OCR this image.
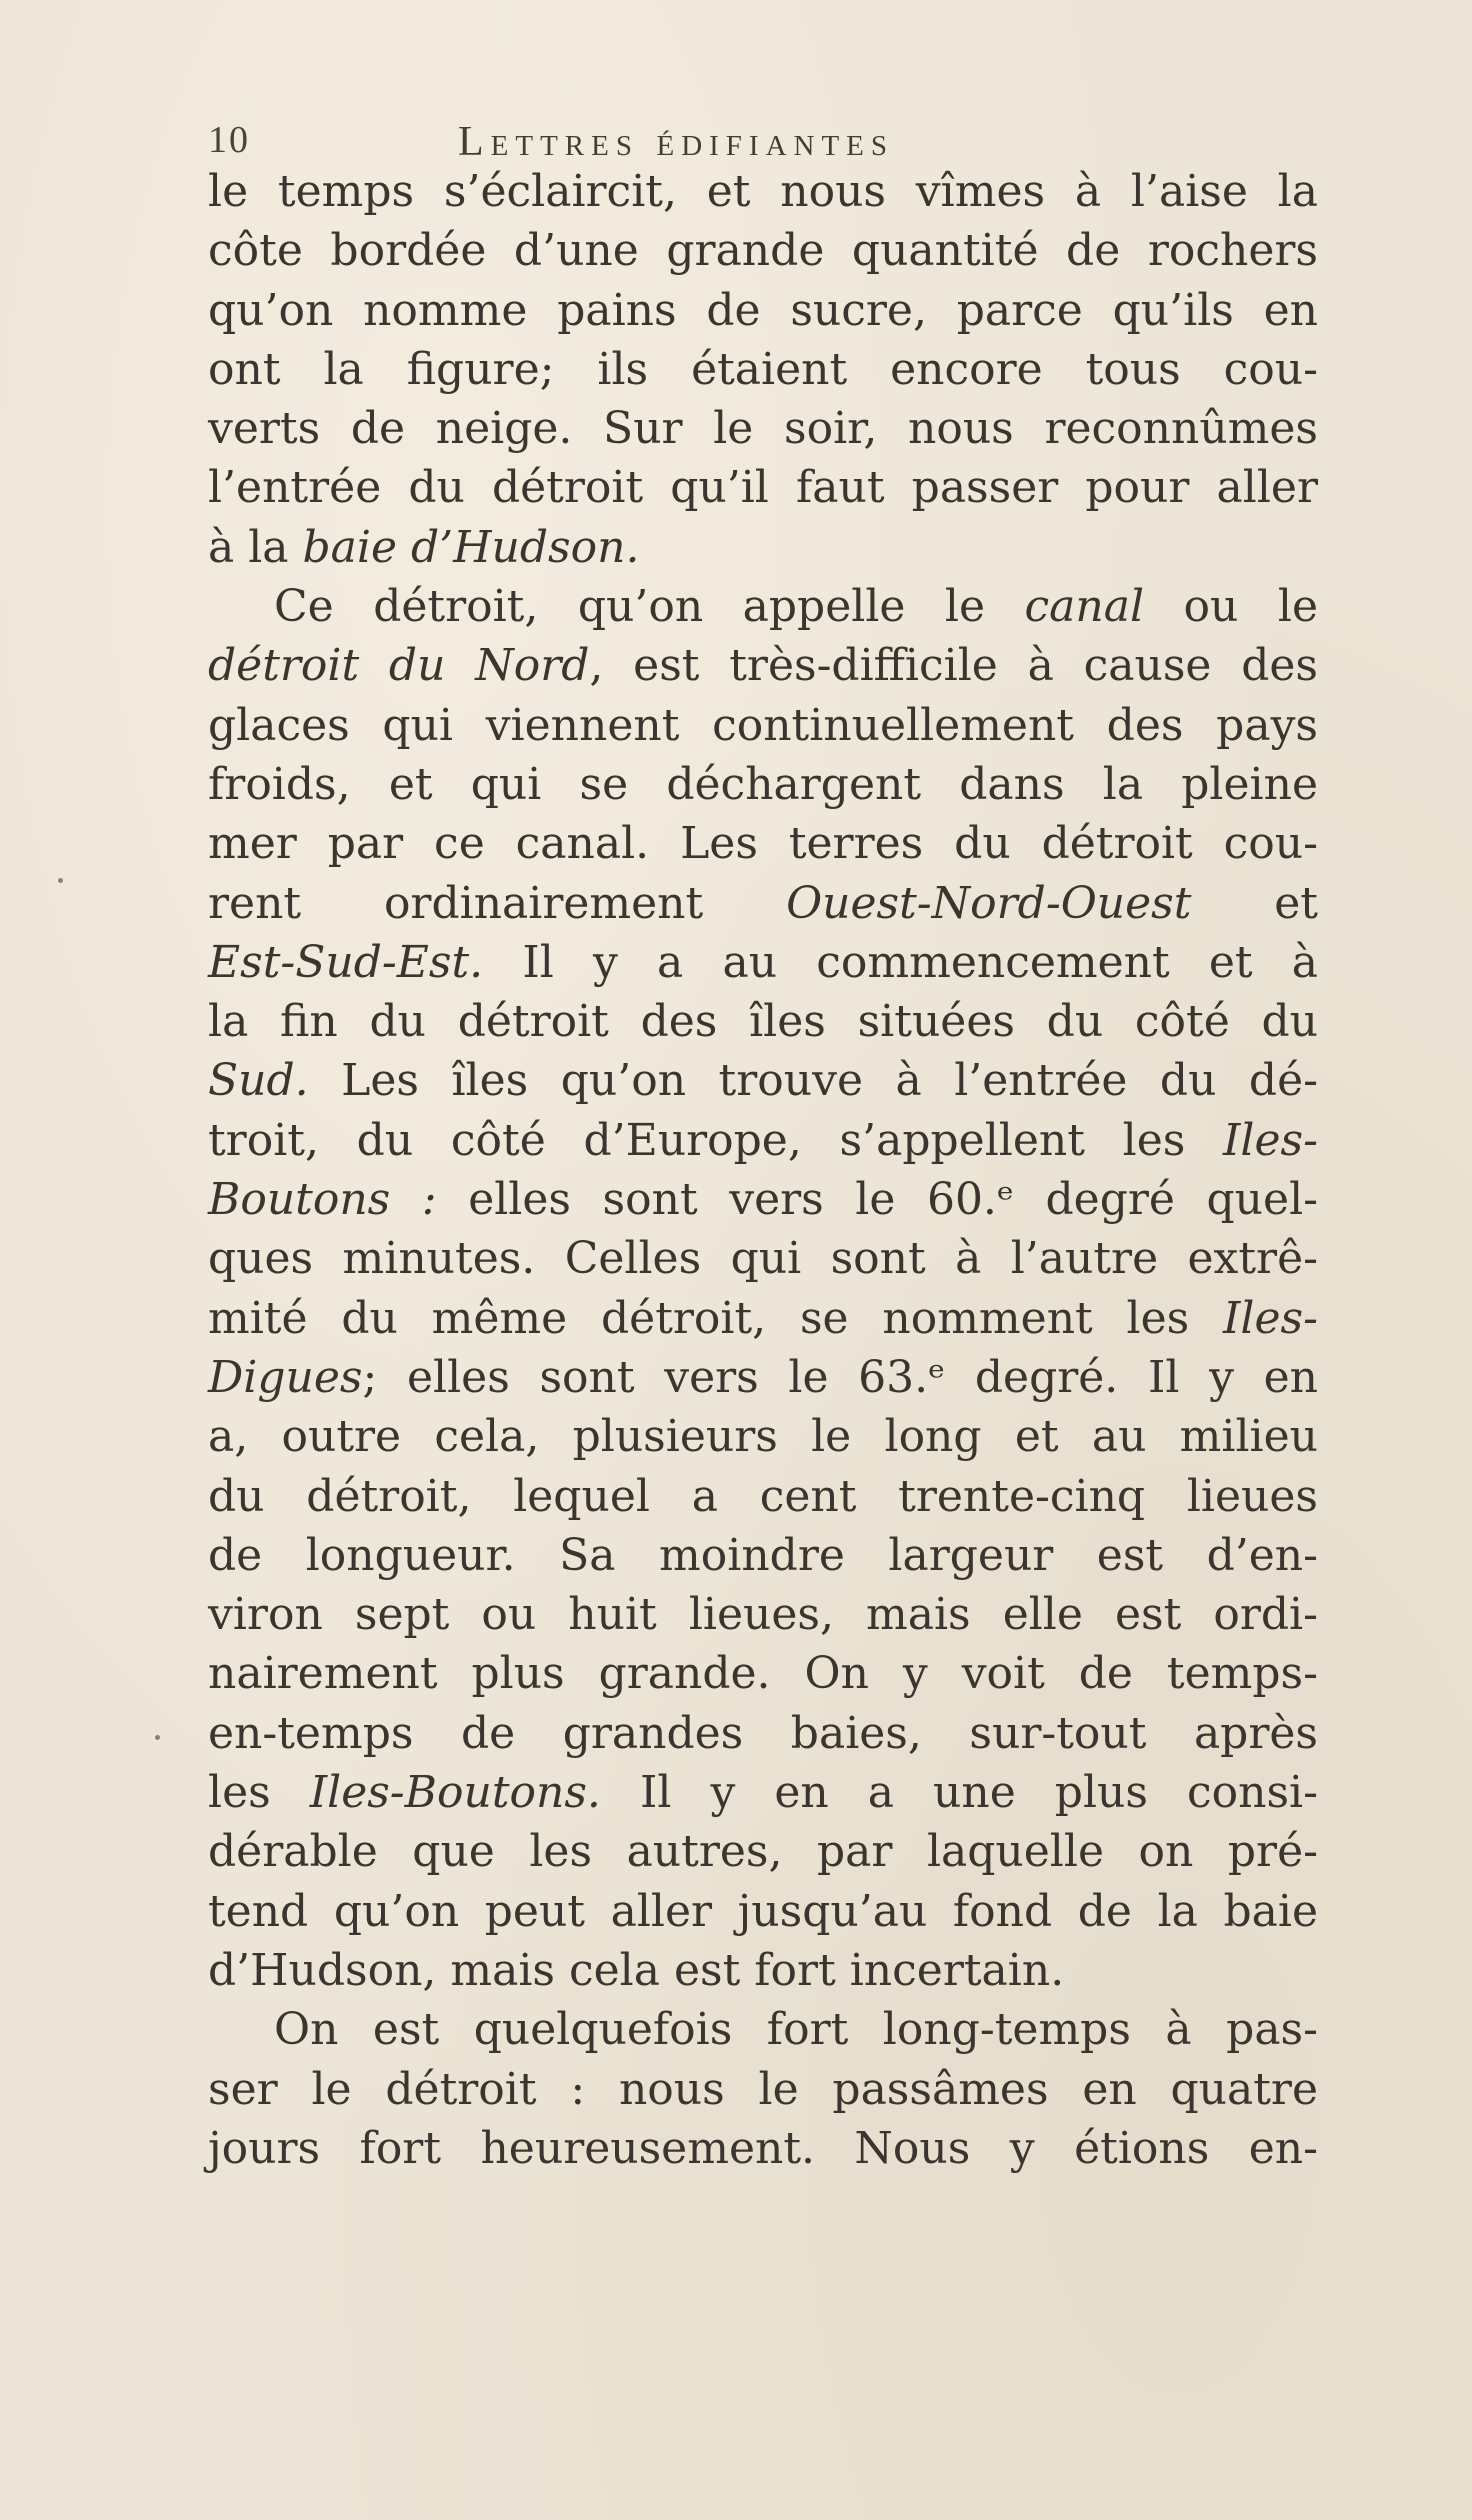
10	Lettres édifiantes
le temps s’éclaircit, et nous vîmes à l’aise la
côte bordée d’une grande quantité de rochers
qu’on nomme pains de sucre, parce qu’ils en
ont la figure; ils étaient encore tous cou-
verts de neige. Sur le soir, nous reconnûmes
l’entrée du détroit qu’il faut passer pour aller
à la baie d’Hudson.
Ce détroit, qu’on appelle le canal ou le
détroit du Nord, est très-difficile à cause des
glaces qui viennent continuellement des pays
froids, et qui se déchargent dans la pleine
mer par ce canal. Les terres du détroit cou-
rent ordinairement Ouest-Nord-Ouest et
Est-Sud-Est. Il y a au commencement et à
la fin du détroit des îles situées du côté du
Sud. Les îles qu’on trouve à l’entrée du dé-
troit, du côté d’Europe, s’appellent les Iles-
Boutons : elles sont vers le 60.ᵉ degré quel-
ques minutes. Celles qui sont à l’autre extrê-
mité du même détroit, se nomment les Iles-
Digues; elles sont vers le 63.ᵉ degré. Il y en
a, outre cela, plusieurs le long et au milieu
du détroit, lequel a cent trente-cinq lieues
de longueur. Sa moindre largeur est d’en-
viron sept ou huit lieues, mais elle est ordi-
nairement plus grande. On y voit de temps-
en-temps de grandes baies, sur-tout après
les Iles-Boutons. Il y en a une plus consi-
dérable que les autres, par laquelle on pré-
tend qu’on peut aller jusqu’au fond de la baie
d’Hudson, mais cela est fort incertain.
On est quelquefois fort long-temps à pas-
ser le détroit : nous le passâmes en quatre
jours fort heureusement. Nous y étions en-
